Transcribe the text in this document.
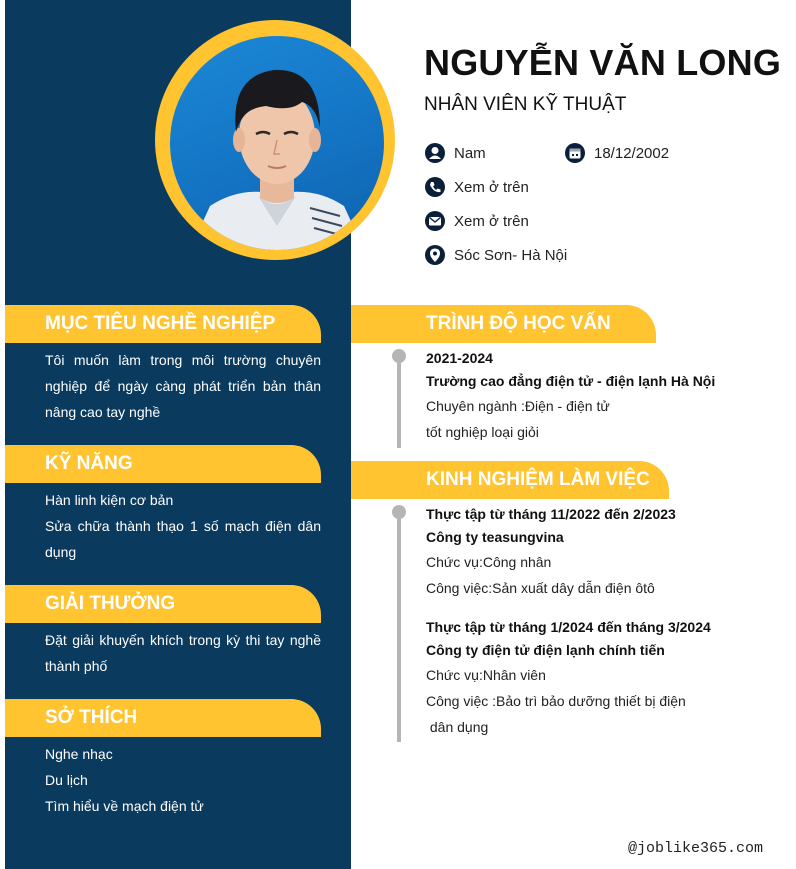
NGUYỄN VĂN LONG
NHÂN VIÊN KỸ THUẬT
Nam	18/12/2002
Xem ở trên
Xem ở trên
Sóc Sơn- Hà Nội
MỤC TIÊU NGHỀ NGHIỆP
Tôi muốn làm trong môi trường chuyên nghiệp để ngày càng phát triển bản thân nâng cao tay nghề
KỸ NĂNG
Hàn linh kiện cơ bản
Sửa chữa thành thạo 1 số mạch điện dân dụng
GIẢI THƯỞNG
Đặt giải khuyến khích trong kỳ thi tay nghề thành phố
SỞ THÍCH
Nghe nhạc
Du lịch
Tìm hiểu về mạch điện tử
TRÌNH ĐỘ HỌC VẤN
2021-2024
Trường cao đẳng điện tử - điện lạnh Hà Nội
Chuyên ngành :Điện - điện tử
tốt nghiệp loại giỏi
KINH NGHIỆM LÀM VIỆC
Thực tập từ tháng 11/2022 đến 2/2023
Công ty teasungvina
Chức vụ:Công nhân
Công việc:Sản xuất dây dẫn điện ôtô
Thực tập từ tháng 1/2024 đến tháng 3/2024
Công ty điện tử điện lạnh chính tiến
Chức vụ:Nhân viên
Công việc :Bảo trì bảo dưỡng thiết bị điện
dân dụng
@joblike365.com
